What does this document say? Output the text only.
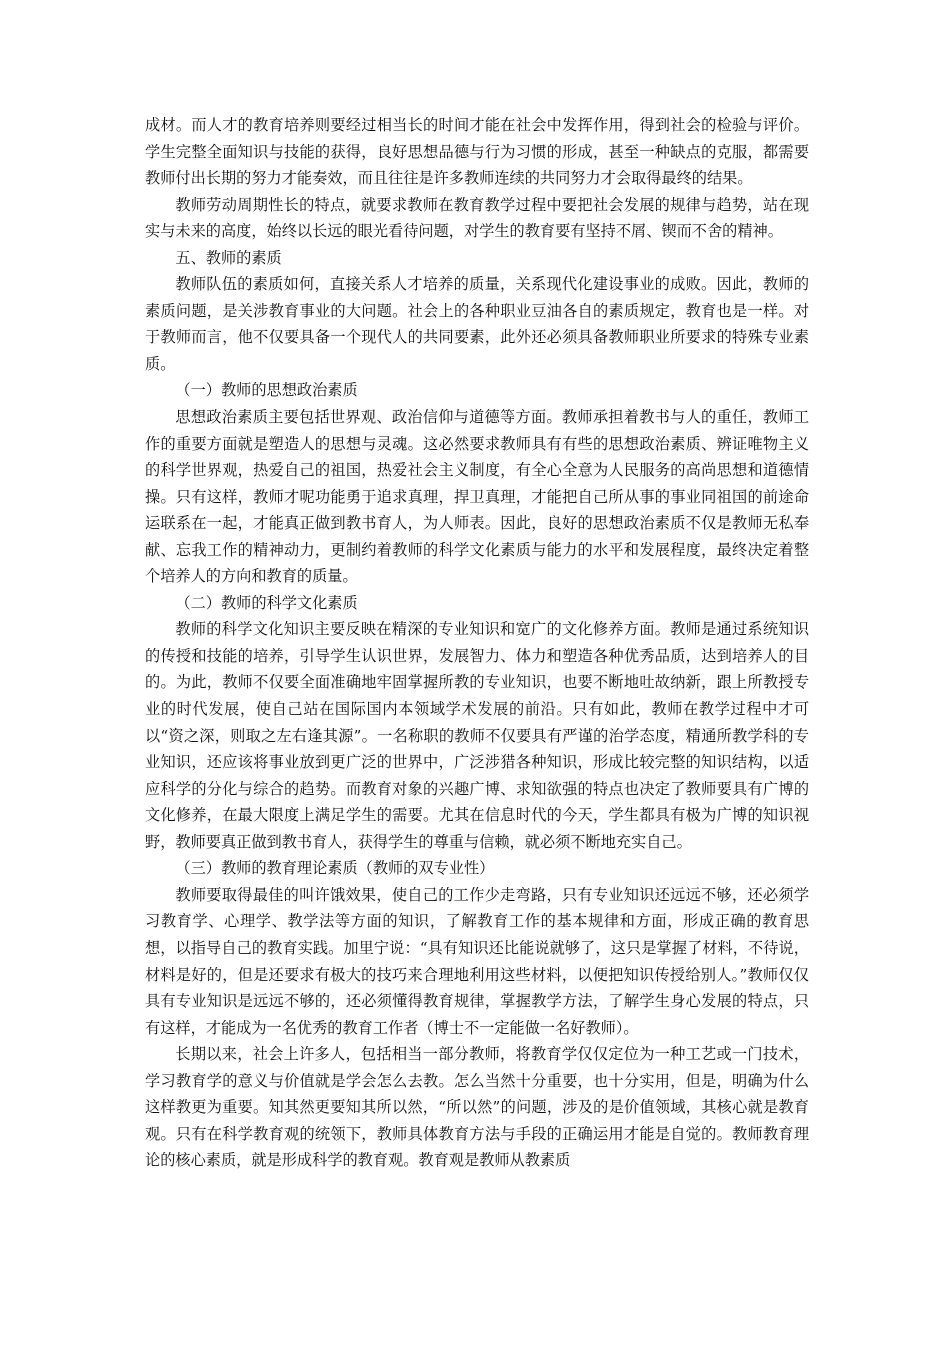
成材。而人才的教育培养则要经过相当长的时间才能在社会中发挥作用，得到社会的检验与评价。学生完整全面知识与技能的获得，良好思想品德与行为习惯的形成，甚至一种缺点的克服，都需要教师付出长期的努力才能奏效，而且往往是许多教师连续的共同努力才会取得最终的结果。

教师劳动周期性长的特点，就要求教师在教育教学过程中要把社会发展的规律与趋势，站在现实与未来的高度，始终以长远的眼光看待问题，对学生的教育要有坚持不屑、锲而不舍的精神。

五、教师的素质

教师队伍的素质如何，直接关系人才培养的质量，关系现代化建设事业的成败。因此，教师的素质问题，是关涉教育事业的大问题。社会上的各种职业豆油各自的素质规定，教育也是一样。对于教师而言，他不仅要具备一个现代人的共同要素，此外还必须具备教师职业所要求的特殊专业素质。

（一）教师的思想政治素质

思想政治素质主要包括世界观、政治信仰与道德等方面。教师承担着教书与人的重任，教师工作的重要方面就是塑造人的思想与灵魂。这必然要求教师具有有些的思想政治素质、辨证唯物主义的科学世界观，热爱自己的祖国，热爱社会主义制度，有全心全意为人民服务的高尚思想和道德情操。只有这样，教师才呢功能勇于追求真理，捍卫真理，才能把自己所从事的事业同祖国的前途命运联系在一起，才能真正做到教书育人，为人师表。因此，良好的思想政治素质不仅是教师无私奉献、忘我工作的精神动力，更制约着教师的科学文化素质与能力的水平和发展程度，最终决定着整个培养人的方向和教育的质量。

（二）教师的科学文化素质

教师的科学文化知识主要反映在精深的专业知识和宽广的文化修养方面。教师是通过系统知识的传授和技能的培养，引导学生认识世界，发展智力、体力和塑造各种优秀品质，达到培养人的目的。为此，教师不仅要全面准确地牢固掌握所教的专业知识，也要不断地吐故纳新，跟上所教授专业的时代发展，使自己站在国际国内本领域学术发展的前沿。只有如此，教师在教学过程中才可以“资之深，则取之左右逢其源”。一名称职的教师不仅要具有严谨的治学态度，精通所教学科的专业知识，还应该将事业放到更广泛的世界中，广泛涉猎各种知识，形成比较完整的知识结构，以适应科学的分化与综合的趋势。而教育对象的兴趣广博、求知欲强的特点也决定了教师要具有广博的文化修养，在最大限度上满足学生的需要。尤其在信息时代的今天，学生都具有极为广博的知识视野，教师要真正做到教书育人，获得学生的尊重与信赖，就必须不断地充实自己。

（三）教师的教育理论素质（教师的双专业性）

教师要取得最佳的叫许饿效果，使自己的工作少走弯路，只有专业知识还远远不够，还必须学习教育学、心理学、教学法等方面的知识，了解教育工作的基本规律和方面，形成正确的教育思想，以指导自己的教育实践。加里宁说：“具有知识还比能说就够了，这只是掌握了材料，不待说，材料是好的，但是还要求有极大的技巧来合理地利用这些材料，以便把知识传授给别人。”教师仅仅具有专业知识是远远不够的，还必须懂得教育规律，掌握教学方法，了解学生身心发展的特点，只有这样，才能成为一名优秀的教育工作者（博士不一定能做一名好教师）。

长期以来，社会上许多人，包括相当一部分教师，将教育学仅仅定位为一种工艺或一门技术，学习教育学的意义与价值就是学会怎么去教。怎么当然十分重要，也十分实用，但是，明确为什么这样教更为重要。知其然更要知其所以然，“所以然”的问题，涉及的是价值领域，其核心就是教育观。只有在科学教育观的统领下，教师具体教育方法与手段的正确运用才能是自觉的。教师教育理论的核心素质，就是形成科学的教育观。教育观是教师从教素质
